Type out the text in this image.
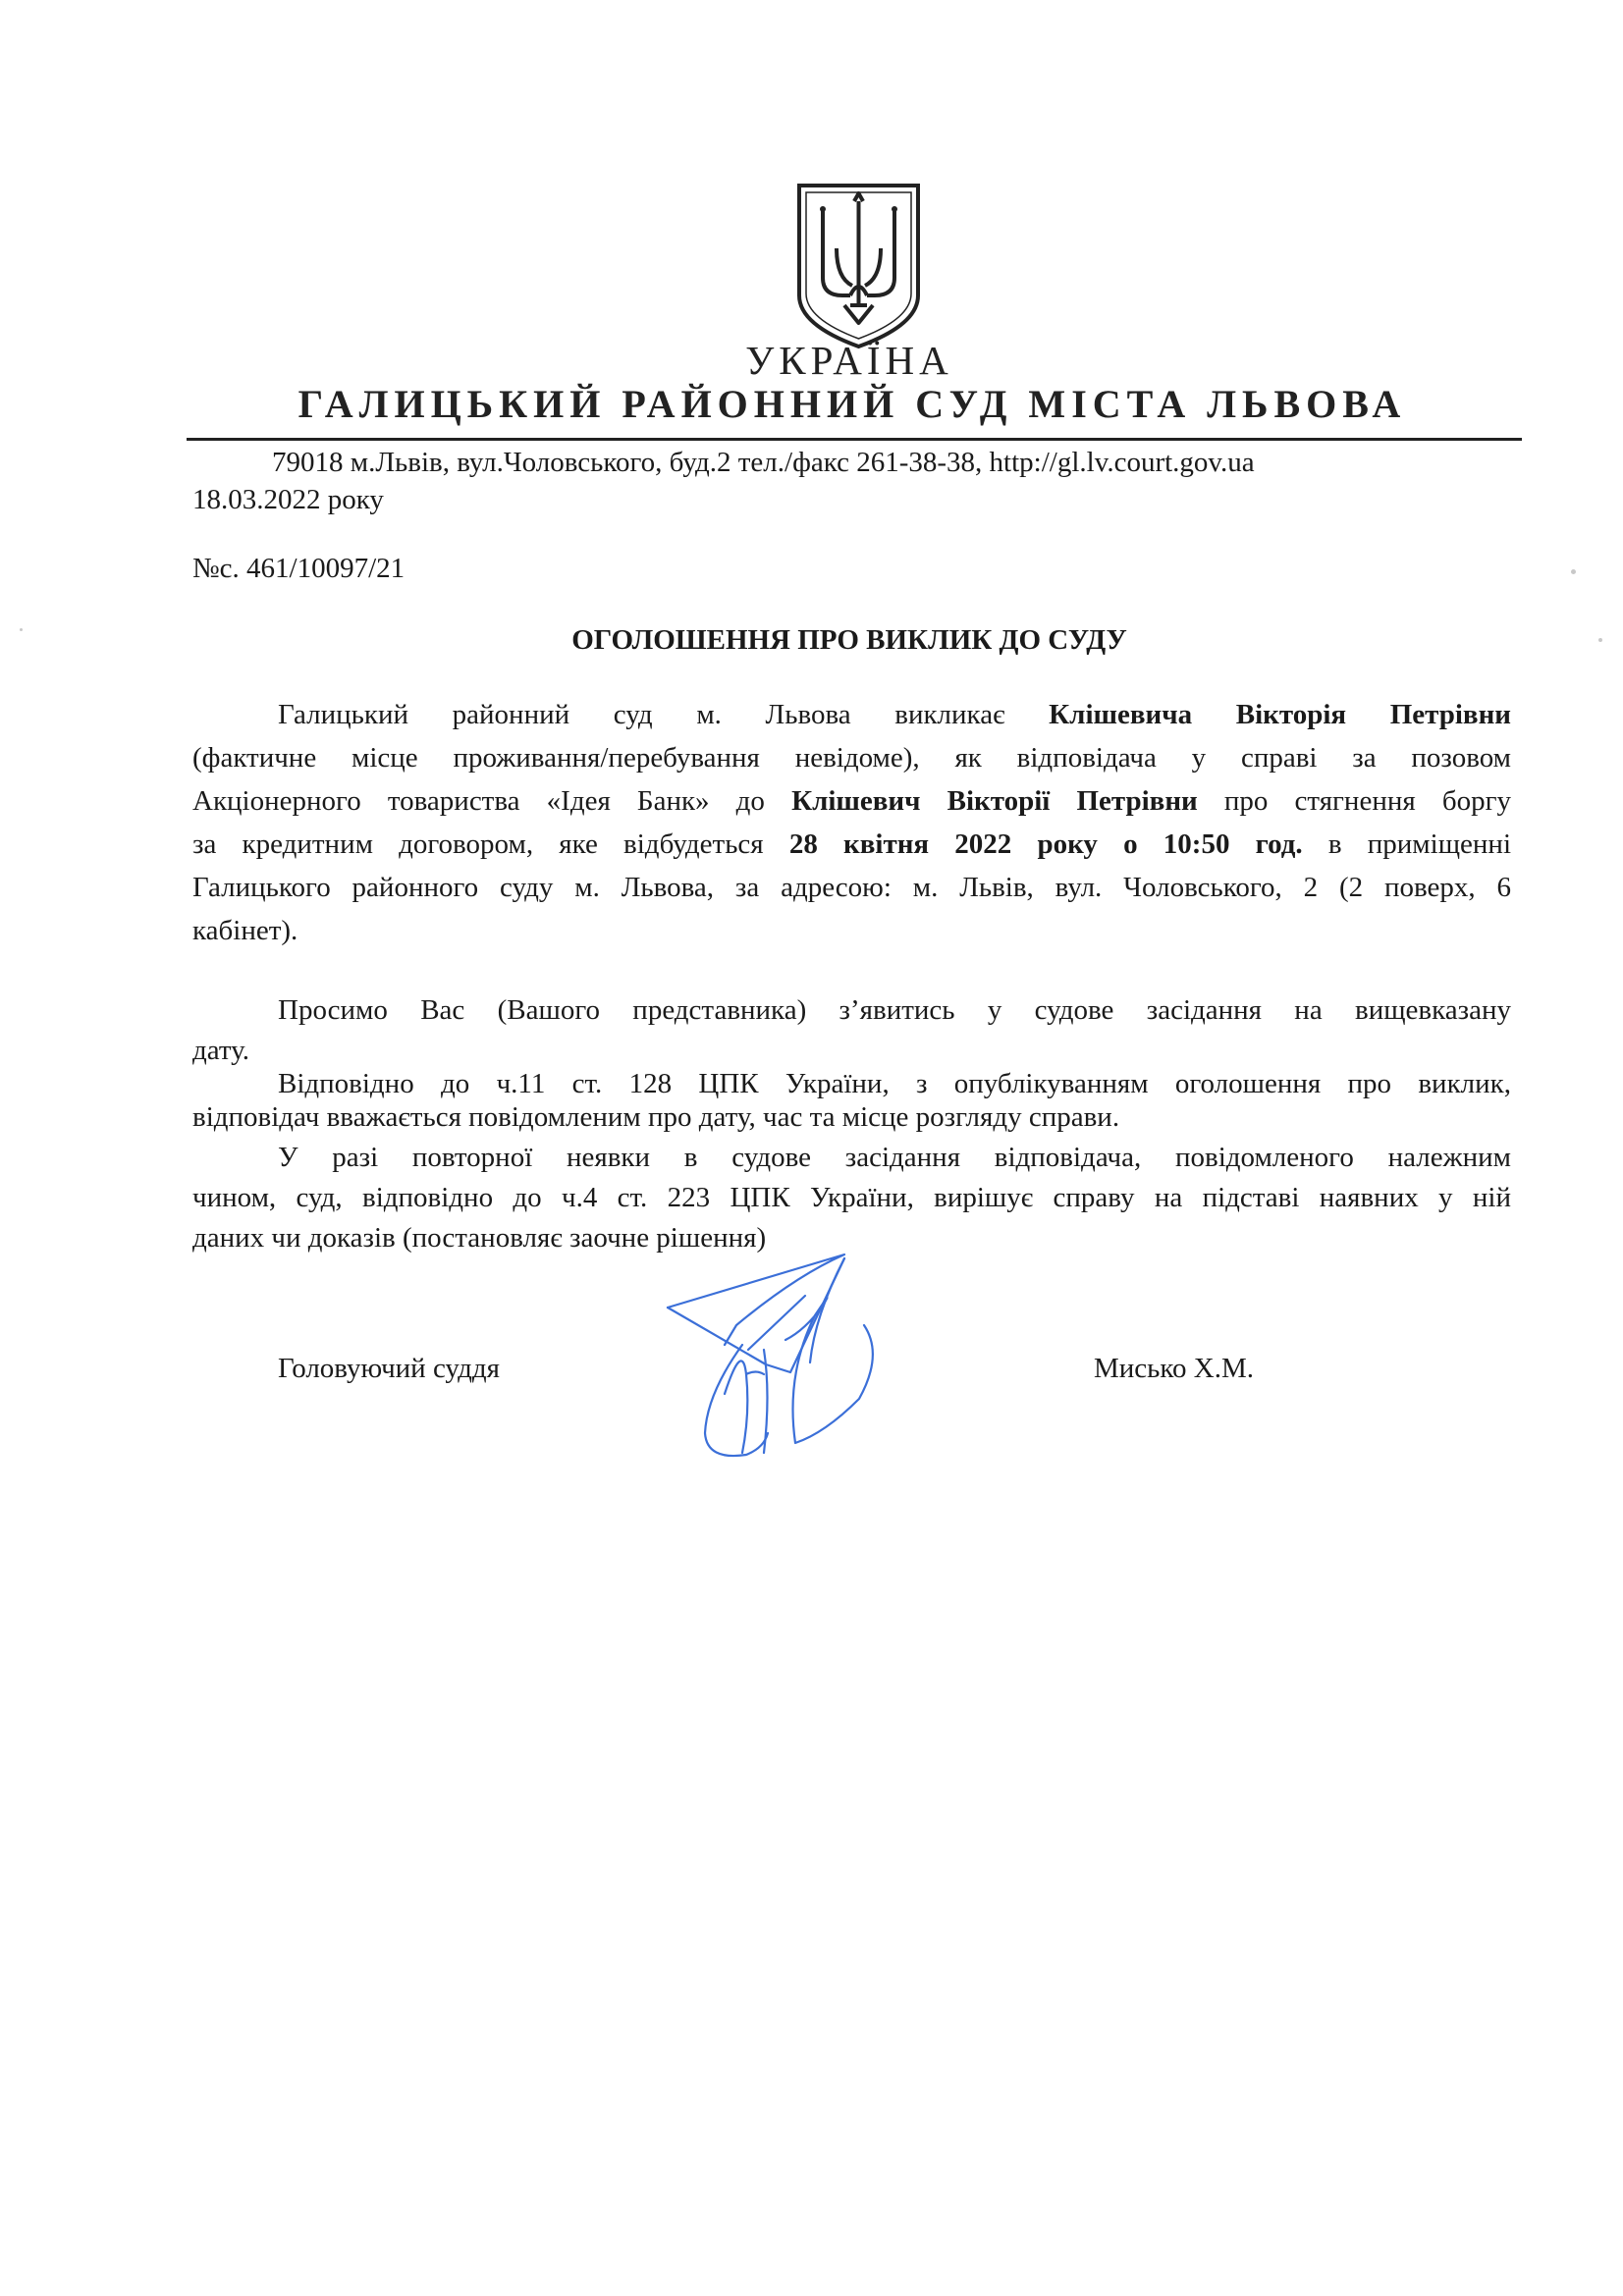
УКРАЇНА
ГАЛИЦЬКИЙ РАЙОННИЙ СУД МІСТА ЛЬВОВА
79018 м.Львів, вул.Чоловського, буд.2 тел./факс 261-38-38, http://gl.lv.court.gov.ua
18.03.2022 року
№с. 461/10097/21
ОГОЛОШЕННЯ ПРО ВИКЛИК ДО СУДУ
Галицький районний суд м. Львова викликає Клішевича Вікторія Петрівни
(фактичне місце проживання/перебування невідоме), як відповідача у справі за позовом
Акціонерного товариства «Ідея Банк» до Клішевич Вікторії Петрівни про стягнення боргу
за кредитним договором, яке відбудеться 28 квітня 2022 року о 10:50 год. в приміщенні
Галицького районного суду м. Львова, за адресою: м. Львів, вул. Чоловського, 2 (2 поверх, 6
кабінет).
Просимо Вас (Вашого представника) з’явитись у судове засідання на вищевказану
дату.
Відповідно до ч.11 ст. 128 ЦПК України, з опублікуванням оголошення про виклик,
відповідач вважається повідомленим про дату, час та місце розгляду справи.
У разі повторної неявки в судове засідання відповідача, повідомленого належним
чином, суд, відповідно до ч.4 ст. 223 ЦПК України, вирішує справу на підставі наявних у ній
даних чи доказів (постановляє заочне рішення)
Головуючий суддя	Мисько Х.М.
